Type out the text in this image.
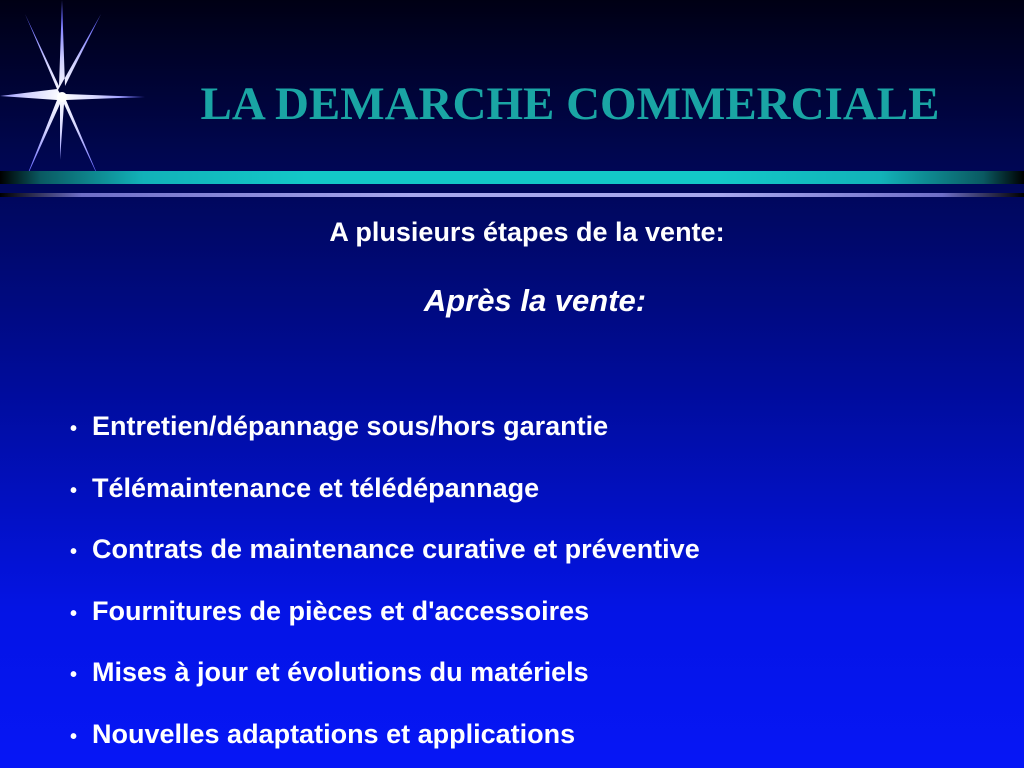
LA DEMARCHE COMMERCIALE
A plusieurs étapes de la vente:
Après la vente:
• Entretien/dépannage sous/hors garantie
• Télémaintenance et télédépannage
• Contrats de maintenance curative et préventive
• Fournitures de pièces et d'accessoires
• Mises à jour et évolutions du matériels
• Nouvelles adaptations et applications
